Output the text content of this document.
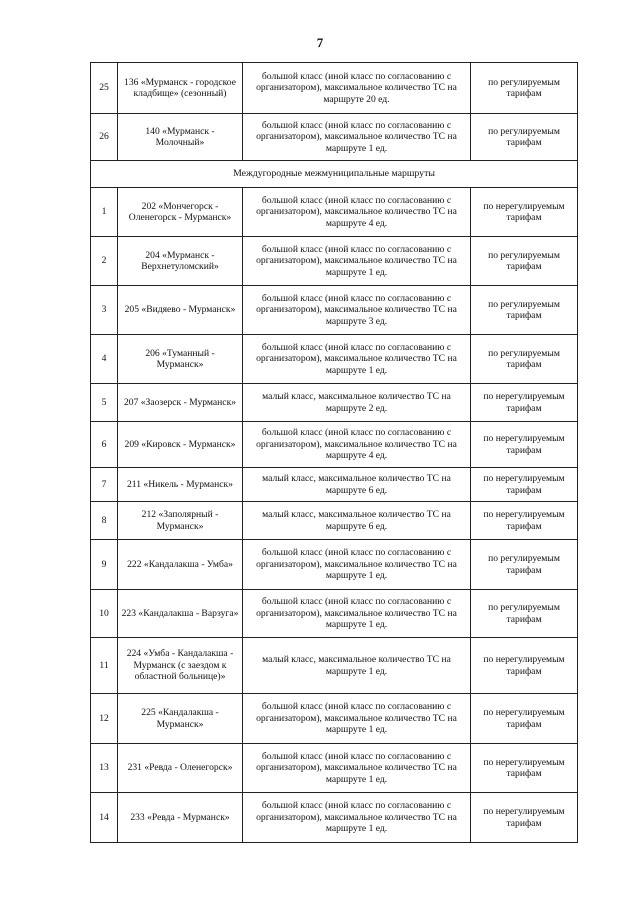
7
25	136 «Мурманск - городское кладбище» (сезонный)	большой класс (иной класс по согласованию с организатором), максимальное количество ТС на маршруте 20 ед.	по регулируемым тарифам
26	140 «Мурманск - Молочный»	большой класс (иной класс по согласованию с организатором), максимальное количество ТС на маршруте 1 ед.	по регулируемым тарифам
Междугородные межмуниципальные маршруты			
1	202 «Мончегорск - Оленегорск - Мурманск»	большой класс (иной класс по согласованию с организатором), максимальное количество ТС на маршруте 4 ед.	по нерегулируемым тарифам
2	204 «Мурманск - Верхнетуломский»	большой класс (иной класс по согласованию с организатором), максимальное количество ТС на маршруте 1 ед.	по регулируемым тарифам
3	205 «Видяево - Мурманск»	большой класс (иной класс по согласованию с организатором), максимальное количество ТС на маршруте 3 ед.	по регулируемым тарифам
4	206 «Туманный - Мурманск»	большой класс (иной класс по согласованию с организатором), максимальное количество ТС на маршруте 1 ед.	по регулируемым тарифам
5	207 «Заозерск - Мурманск»	малый класс, максимальное количество ТС на маршруте 2 ед.	по нерегулируемым тарифам
6	209 «Кировск - Мурманск»	большой класс (иной класс по согласованию с организатором), максимальное количество ТС на маршруте 4 ед.	по нерегулируемым тарифам
7	211 «Никель - Мурманск»	малый класс, максимальное количество ТС на маршруте 6 ед.	по нерегулируемым тарифам
8	212 «Заполярный - Мурманск»	малый класс, максимальное количество ТС на маршруте 6 ед.	по нерегулируемым тарифам
9	222 «Кандалакша - Умба»	большой класс (иной класс по согласованию с организатором), максимальное количество ТС на маршруте 1 ед.	по регулируемым тарифам
10	223 «Кандалакша - Варзуга»	большой класс (иной класс по согласованию с организатором), максимальное количество ТС на маршруте 1 ед.	по регулируемым тарифам
11	224 «Умба - Кандалакша - Мурманск (с заездом к областной больнице)»	малый класс, максимальное количество ТС на маршруте 1 ед.	по нерегулируемым тарифам
12	225 «Кандалакша - Мурманск»	большой класс (иной класс по согласованию с организатором), максимальное количество ТС на маршруте 1 ед.	по нерегулируемым тарифам
13	231 «Ревда - Оленегорск»	большой класс (иной класс по согласованию с организатором), максимальное количество ТС на маршруте 1 ед.	по нерегулируемым тарифам
14	233 «Ревда - Мурманск»	большой класс (иной класс по согласованию с организатором), максимальное количество ТС на маршруте 1 ед.	по нерегулируемым тарифам
